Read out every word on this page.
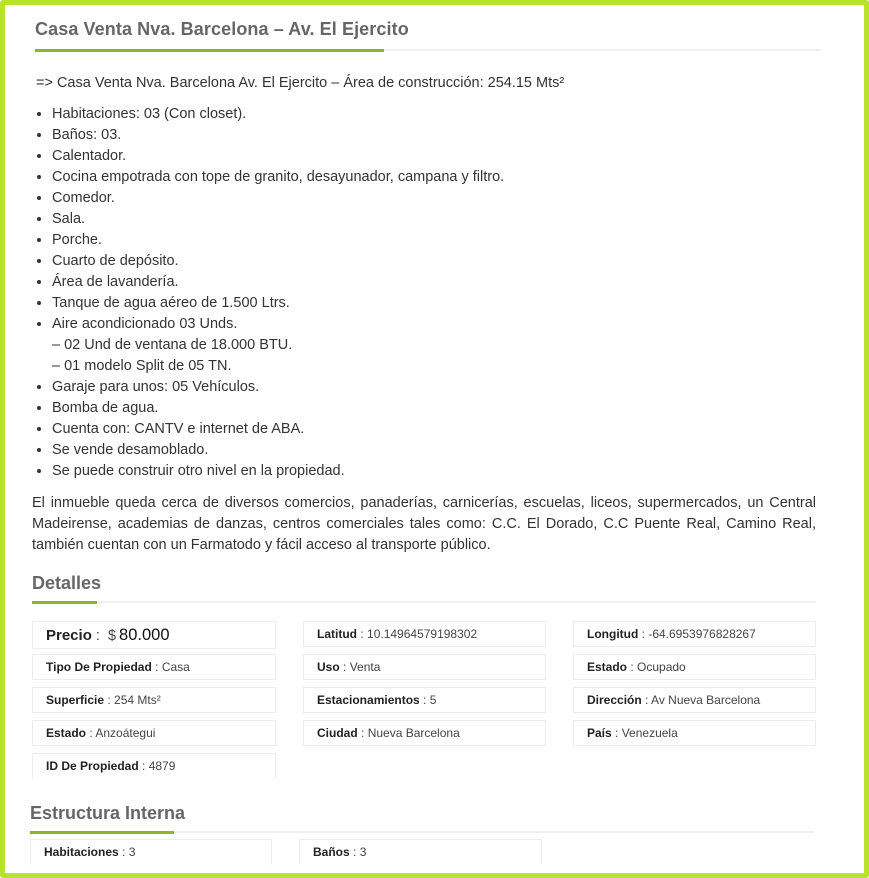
Casa Venta Nva. Barcelona – Av. El Ejercito
=> Casa Venta Nva. Barcelona Av. El Ejercito – Área de construcción: 254.15 Mts²
• Habitaciones: 03 (Con closet).
• Baños: 03.
• Calentador.
• Cocina empotrada con tope de granito, desayunador, campana y filtro.
• Comedor.
• Sala.
• Porche.
• Cuarto de depósito.
• Área de lavandería.
• Tanque de agua aéreo de 1.500 Ltrs.
• Aire acondicionado 03 Unds.
– 02 Und de ventana de 18.000 BTU.
– 01 modelo Split de 05 TN.
• Garaje para unos: 05 Vehículos.
• Bomba de agua.
• Cuenta con: CANTV e internet de ABA.
• Se vende desamoblado.
• Se puede construir otro nivel en la propiedad.

El inmueble queda cerca de diversos comercios, panaderías, carnicerías, escuelas, liceos, supermercados, un Central Madeirense, academias de danzas, centros comerciales tales como: C.C. El Dorado, C.C Puente Real, Camino Real, también cuentan con un Farmatodo y fácil acceso al transporte público.

Detalles
Precio : $ 80.000
Tipo De Propiedad : Casa
Superficie : 254 Mts²
Estado : Anzoátegui
ID De Propiedad : 4879
Latitud : 10.14964579198302
Uso : Venta
Estacionamientos : 5
Ciudad : Nueva Barcelona
Longitud : -64.6953976828267
Estado : Ocupado
Dirección : Av Nueva Barcelona
País : Venezuela
Estructura Interna
Habitaciones : 3	Baños : 3
